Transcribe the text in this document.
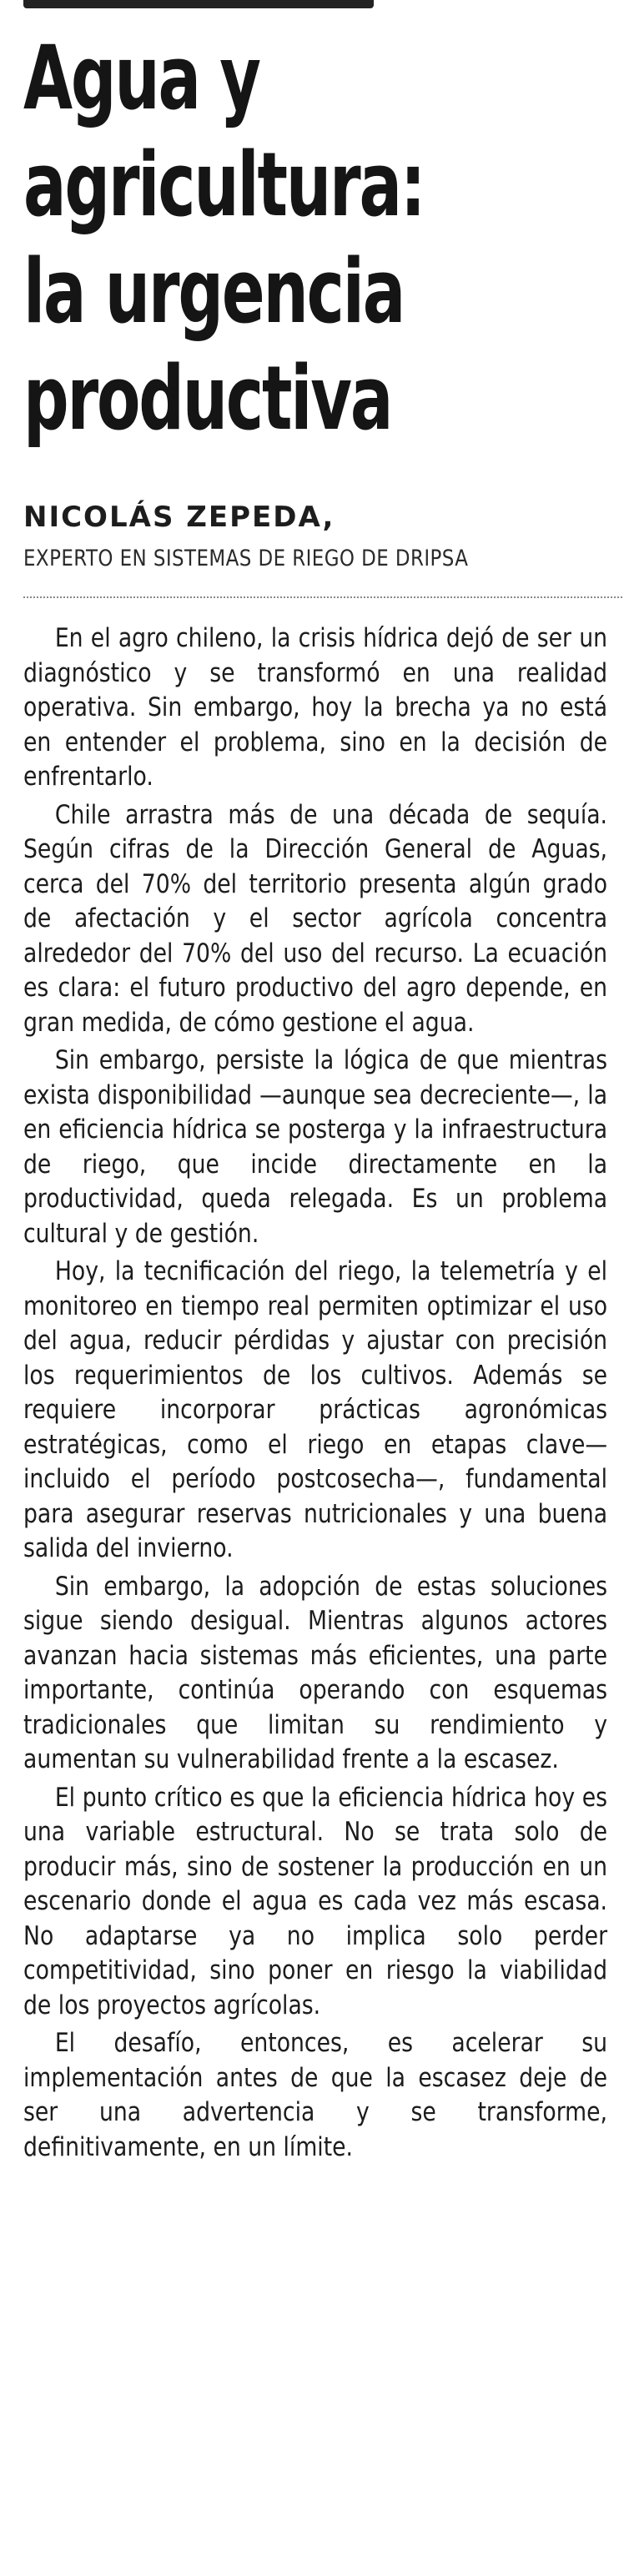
Agua y
agricultura:
la urgencia
productiva

NICOLÁS ZEPEDA,

EXPERTO EN SISTEMAS DE RIEGO DE DRIPSA

En el agro chileno, la crisis hídrica dejó de ser un diagnóstico y se transformó en una realidad operativa. Sin embargo, hoy la brecha ya no está en entender el problema, sino en la decisión de enfrentarlo.

Chile arrastra más de una década de sequía. Según cifras de la Dirección General de Aguas, cerca del 70% del territorio presenta algún grado de afectación y el sector agrícola concentra alrededor del 70% del uso del recurso. La ecuación es clara: el futuro productivo del agro depende, en gran medida, de cómo gestione el agua.

Sin embargo, persiste la lógica de que mientras exista disponibilidad —aunque sea decreciente—, la en eficiencia hídrica se posterga y la infraestructura de riego, que incide directamente en la productividad, queda relegada. Es un problema cultural y de gestión.

Hoy, la tecnificación del riego, la telemetría y el monitoreo en tiempo real permiten optimizar el uso del agua, reducir pérdidas y ajustar con precisión los requerimientos de los cultivos. Además se requiere incorporar prácticas agronómicas estratégicas, como el riego en etapas clave—incluido el período postcosecha—, fundamental para asegurar reservas nutricionales y una buena salida del invierno.

Sin embargo, la adopción de estas soluciones sigue siendo desigual. Mientras algunos actores avanzan hacia sistemas más eficientes, una parte importante, continúa operando con esquemas tradicionales que limitan su rendimiento y aumentan su vulnerabilidad frente a la escasez.

El punto crítico es que la eficiencia hídrica hoy es una variable estructural. No se trata solo de producir más, sino de sostener la producción en un escenario donde el agua es cada vez más escasa. No adaptarse ya no implica solo perder competitividad, sino poner en riesgo la viabilidad de los proyectos agrícolas.

El desafío, entonces, es acelerar su implementación antes de que la escasez deje de ser una advertencia y se transforme, definitivamente, en un límite.
